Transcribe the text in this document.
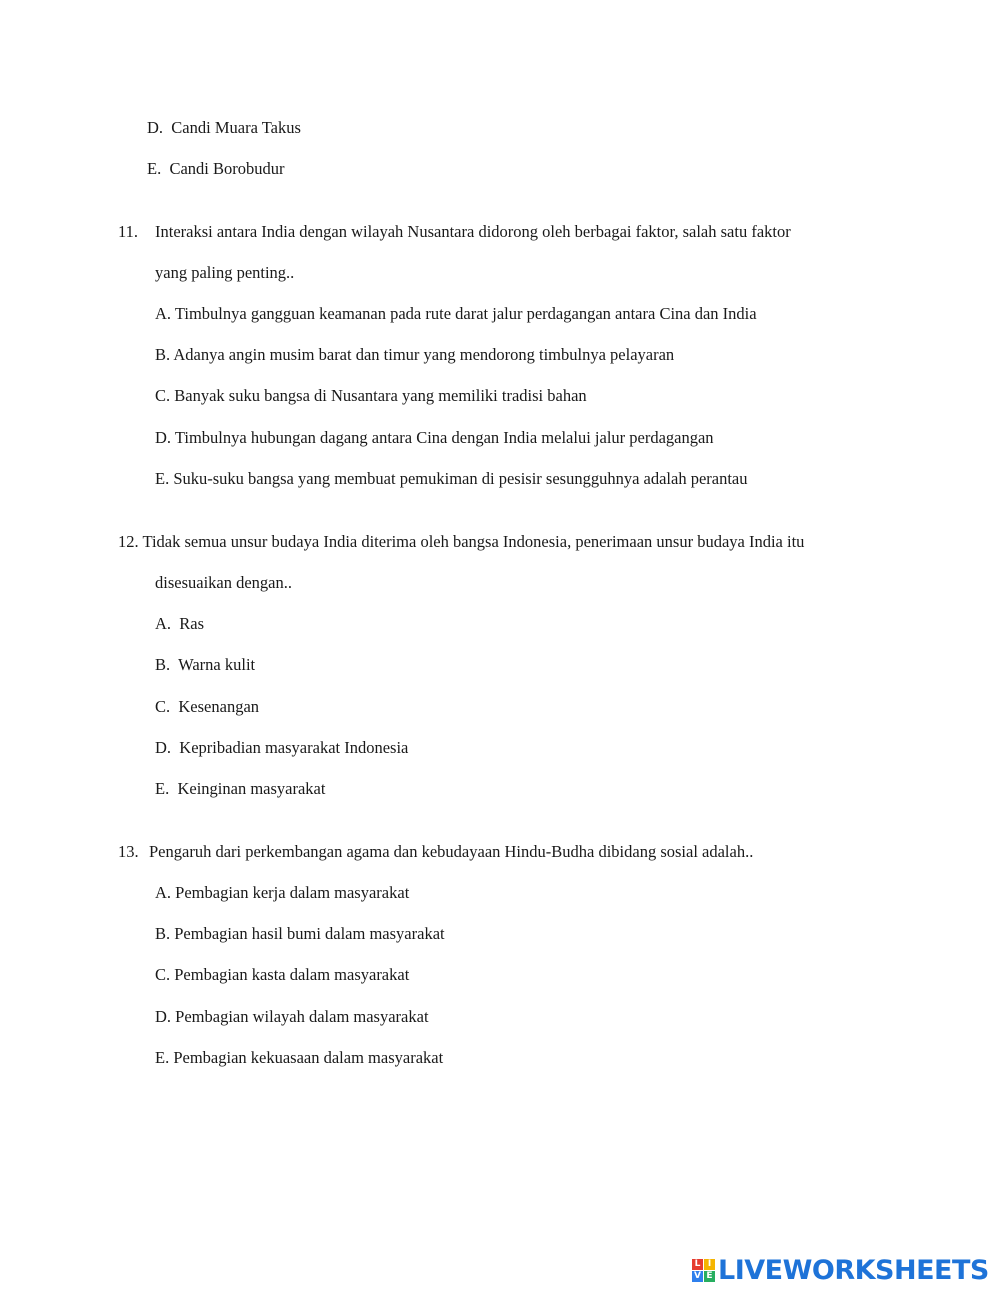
D. Candi Muara Takus
E. Candi Borobudur
11. Interaksi antara India dengan wilayah Nusantara didorong oleh berbagai faktor, salah satu faktor
yang paling penting..
A. Timbulnya gangguan keamanan pada rute darat jalur perdagangan antara Cina dan India
B. Adanya angin musim barat dan timur yang mendorong timbulnya pelayaran
C. Banyak suku bangsa di Nusantara yang memiliki tradisi bahan
D. Timbulnya hubungan dagang antara Cina dengan India melalui jalur perdagangan
E. Suku-suku bangsa yang membuat pemukiman di pesisir sesungguhnya adalah perantau
12. Tidak semua unsur budaya India diterima oleh bangsa Indonesia, penerimaan unsur budaya India itu
disesuaikan dengan..
A. Ras
B. Warna kulit
C. Kesenangan
D. Kepribadian masyarakat Indonesia
E. Keinginan masyarakat
13. Pengaruh dari perkembangan agama dan kebudayaan Hindu-Budha dibidang sosial adalah..
A. Pembagian kerja dalam masyarakat
B. Pembagian hasil bumi dalam masyarakat
C. Pembagian kasta dalam masyarakat
D. Pembagian wilayah dalam masyarakat
E. Pembagian kekuasaan dalam masyarakat
L I
V E LIVEWORKSHEETS
